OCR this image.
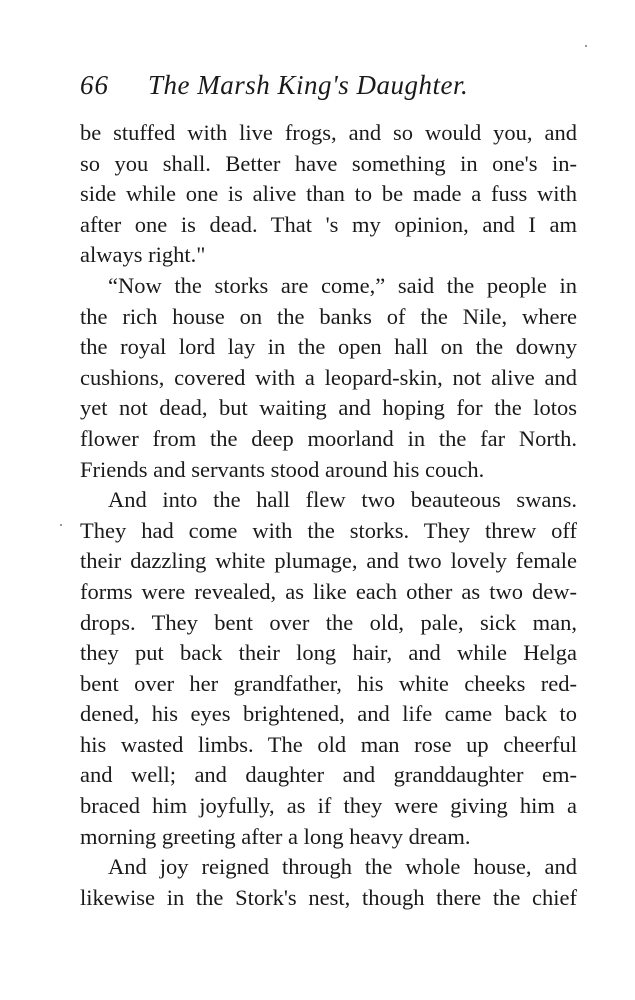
66 The Marsh King's Daughter.
be stuffed with live frogs, and so would you, and
so you shall. Better have something in one's in-
side while one is alive than to be made a fuss with
after one is dead. That 's my opinion, and I am
always right."
“Now the storks are come,” said the people in
the rich house on the banks of the Nile, where
the royal lord lay in the open hall on the downy
cushions, covered with a leopard-skin, not alive and
yet not dead, but waiting and hoping for the lotos
flower from the deep moorland in the far North.
Friends and servants stood around his couch.
And into the hall flew two beauteous swans.
They had come with the storks. They threw off
their dazzling white plumage, and two lovely female
forms were revealed, as like each other as two dew-
drops. They bent over the old, pale, sick man,
they put back their long hair, and while Helga
bent over her grandfather, his white cheeks red-
dened, his eyes brightened, and life came back to
his wasted limbs. The old man rose up cheerful
and well; and daughter and granddaughter em-
braced him joyfully, as if they were giving him a
morning greeting after a long heavy dream.
And joy reigned through the whole house, and
likewise in the Stork's nest, though there the chief
